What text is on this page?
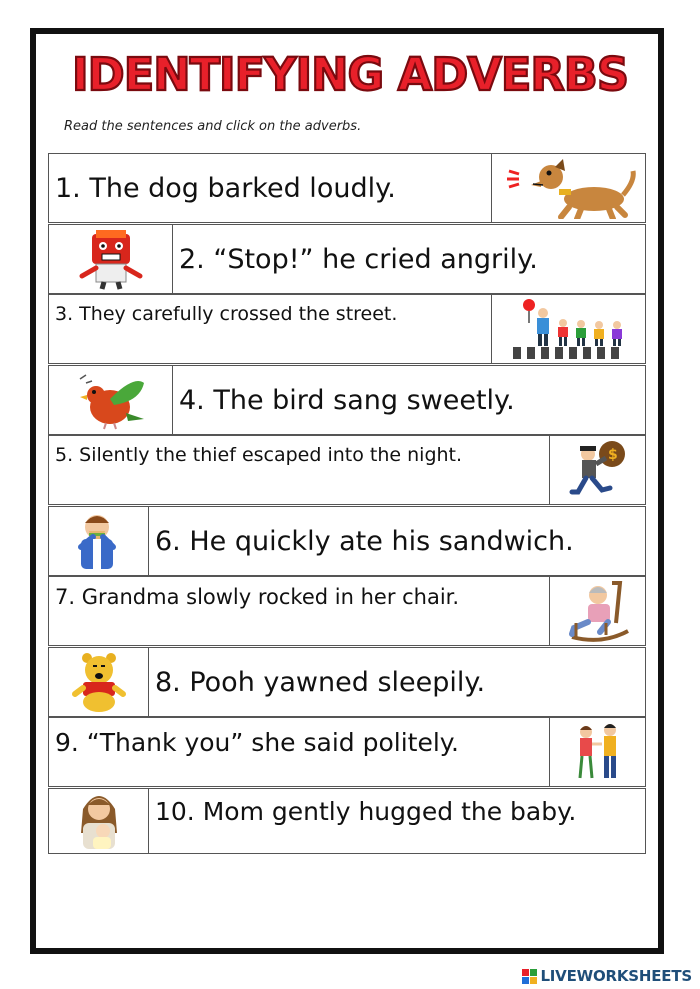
IDENTIFYING ADVERBS
Read the sentences and click on the adverbs.
1. The dog barked loudly.
2. “Stop!” he cried angrily.
3. They carefully crossed the street.
4. The bird sang sweetly.
5. Silently the thief escaped into the night.	$
6. He quickly ate his sandwich.
7. Grandma slowly rocked in her chair.
8. Pooh yawned sleepily.
9. “Thank you” she said politely.
10. Mom gently hugged the baby.
LIVEWORKSHEETS
